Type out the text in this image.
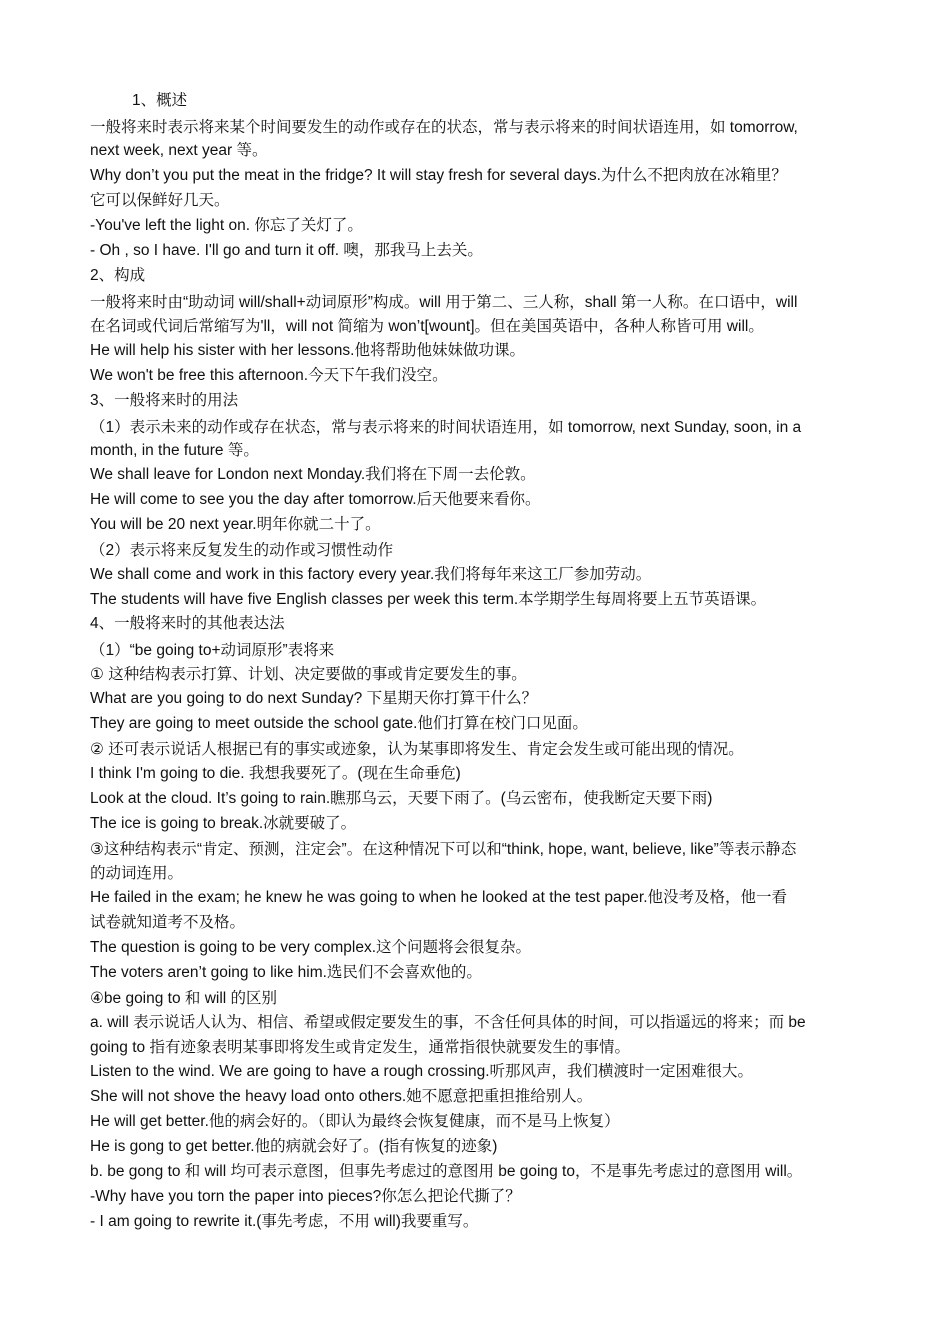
1、概述
一般将来时表示将来某个时间要发生的动作或存在的状态，常与表示将来的时间状语连用，如 tomorrow,
next week, next year 等。
Why don’t you put the meat in the fridge? It will stay fresh for several days.为什么不把肉放在冰箱里？
它可以保鲜好几天。
-You've left the light on. 你忘了关灯了。
- Oh , so I have. I'll go and turn it off. 噢，那我马上去关。
2、构成
一般将来时由“助动词 will/shall+动词原形”构成。will 用于第二、三人称，shall 第一人称。在口语中，will
在名词或代词后常缩写为'll，will not 简缩为 won’t[wount]。但在美国英语中，各种人称皆可用 will。
He will help his sister with her lessons.他将帮助他妹妹做功课。
We won't be free this afternoon.今天下午我们没空。
3、一般将来时的用法
（1）表示未来的动作或存在状态，常与表示将来的时间状语连用，如 tomorrow, next Sunday, soon, in a
month, in the future 等。
We shall leave for London next Monday.我们将在下周一去伦敦。
He will come to see you the day after tomorrow.后天他要来看你。
You will be 20 next year.明年你就二十了。
（2）表示将来反复发生的动作或习惯性动作
We shall come and work in this factory every year.我们将每年来这工厂参加劳动。
The students will have five English classes per week this term.本学期学生每周将要上五节英语课。
4、一般将来时的其他表达法
（1）“be going to+动词原形”表将来
① 这种结构表示打算、计划、决定要做的事或肯定要发生的事。
What are you going to do next Sunday? 下星期天你打算干什么？
They are going to meet outside the school gate.他们打算在校门口见面。
② 还可表示说话人根据已有的事实或迹象，认为某事即将发生、肯定会发生或可能出现的情况。
I think I'm going to die. 我想我要死了。(现在生命垂危)
Look at the cloud. It’s going to rain.瞧那乌云，天要下雨了。(乌云密布，使我断定天要下雨)
The ice is going to break.冰就要破了。
③这种结构表示“肯定、预测，注定会”。在这种情况下可以和“think, hope, want, believe, like”等表示静态
的动词连用。
He failed in the exam; he knew he was going to when he looked at the test paper.他没考及格，他一看
试卷就知道考不及格。
The question is going to be very complex.这个问题将会很复杂。
The voters aren’t going to like him.选民们不会喜欢他的。
④be going to 和 will 的区别
a. will 表示说话人认为、相信、希望或假定要发生的事，不含任何具体的时间，可以指遥远的将来；而 be
going to 指有迹象表明某事即将发生或肯定发生，通常指很快就要发生的事情。
Listen to the wind. We are going to have a rough crossing.听那风声，我们横渡时一定困难很大。
She will not shove the heavy load onto others.她不愿意把重担推给别人。
He will get better.他的病会好的。（即认为最终会恢复健康，而不是马上恢复）
He is gong to get better.他的病就会好了。(指有恢复的迹象)
b. be gong to 和 will 均可表示意图，但事先考虑过的意图用 be going to，不是事先考虑过的意图用 will。
-Why have you torn the paper into pieces?你怎么把论代撕了？
- I am going to rewrite it.(事先考虑，不用 will)我要重写。
